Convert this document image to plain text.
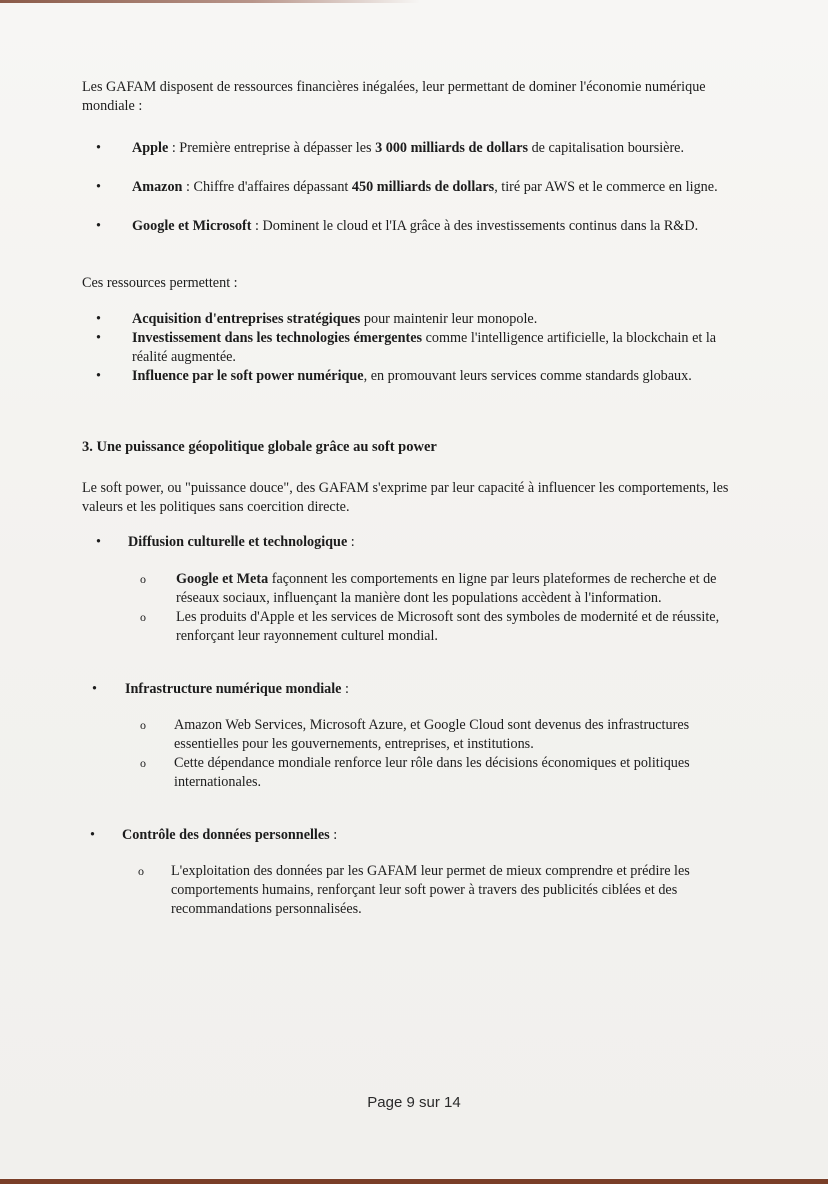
Les GAFAM disposent de ressources financières inégalées, leur permettant de dominer l'économie numérique mondiale :

•	Apple : Première entreprise à dépasser les 3 000 milliards de dollars de capitalisation boursière.
•	Amazon : Chiffre d'affaires dépassant 450 milliards de dollars, tiré par AWS et le commerce en ligne.
•	Google et Microsoft : Dominent le cloud et l'IA grâce à des investissements continus dans la R&D.

Ces ressources permettent :

•	Acquisition d'entreprises stratégiques pour maintenir leur monopole.
•	Investissement dans les technologies émergentes comme l'intelligence artificielle, la blockchain et la réalité augmentée.
•	Influence par le soft power numérique, en promouvant leurs services comme standards globaux.

3. Une puissance géopolitique globale grâce au soft power

Le soft power, ou "puissance douce", des GAFAM s'exprime par leur capacité à influencer les comportements, les valeurs et les politiques sans coercition directe.

•	Diffusion culturelle et technologique :
o Google et Meta façonnent les comportements en ligne par leurs plateformes de recherche et de réseaux sociaux, influençant la manière dont les populations accèdent à l'information.
o Les produits d'Apple et les services de Microsoft sont des symboles de modernité et de réussite, renforçant leur rayonnement culturel mondial.
•	Infrastructure numérique mondiale :
o Amazon Web Services, Microsoft Azure, et Google Cloud sont devenus des infrastructures essentielles pour les gouvernements, entreprises, et institutions.
o Cette dépendance mondiale renforce leur rôle dans les décisions économiques et politiques internationales.
•	Contrôle des données personnelles :
o L'exploitation des données par les GAFAM leur permet de mieux comprendre et prédire les comportements humains, renforçant leur soft power à travers des publicités ciblées et des recommandations personnalisées.
Page 9 sur 14
